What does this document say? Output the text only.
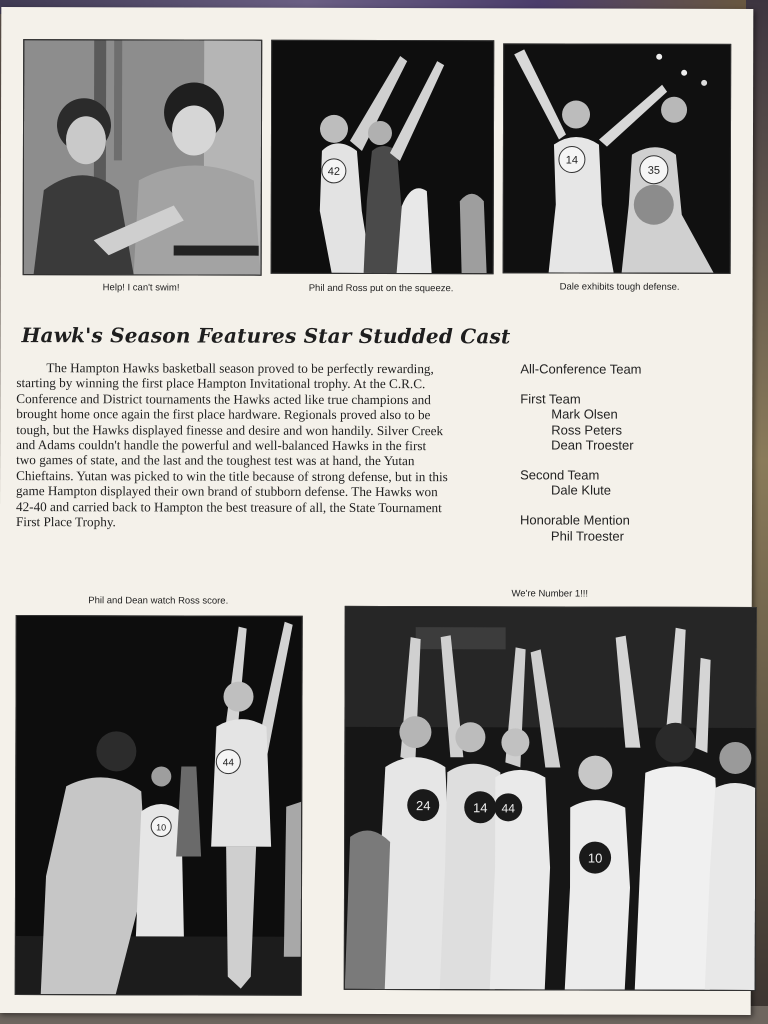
Help! I can't swim!
42
Phil and Ross put on the squeeze.
14
35
Dale exhibits tough defense.
Hawk's Season Features Star Studded Cast
The Hampton Hawks basketball season proved to be perfectly rewarding, starting by winning the first place Hampton Invitational trophy. At the C.R.C. Conference and District tournaments the Hawks acted like true champions and brought home once again the first place hardware. Regionals proved also to be tough, but the Hawks displayed finesse and desire and won handily. Silver Creek and Adams couldn't handle the powerful and well-balanced Hawks in the first two games of state, and the last and the toughest test was at hand, the Yutan Chieftains. Yutan was picked to win the title because of strong defense, but in this game Hampton displayed their own brand of stubborn defense. The Hawks won 42-40 and carried back to Hampton the best treasure of all, the State Tournament First Place Trophy.
All-Conference Team
First Team
Mark Olsen
Ross Peters
Dean Troester
Second Team
Dale Klute
Honorable Mention
Phil Troester
Phil and Dean watch Ross score.
44
10
We're Number 1!!!
24	14 44
10
